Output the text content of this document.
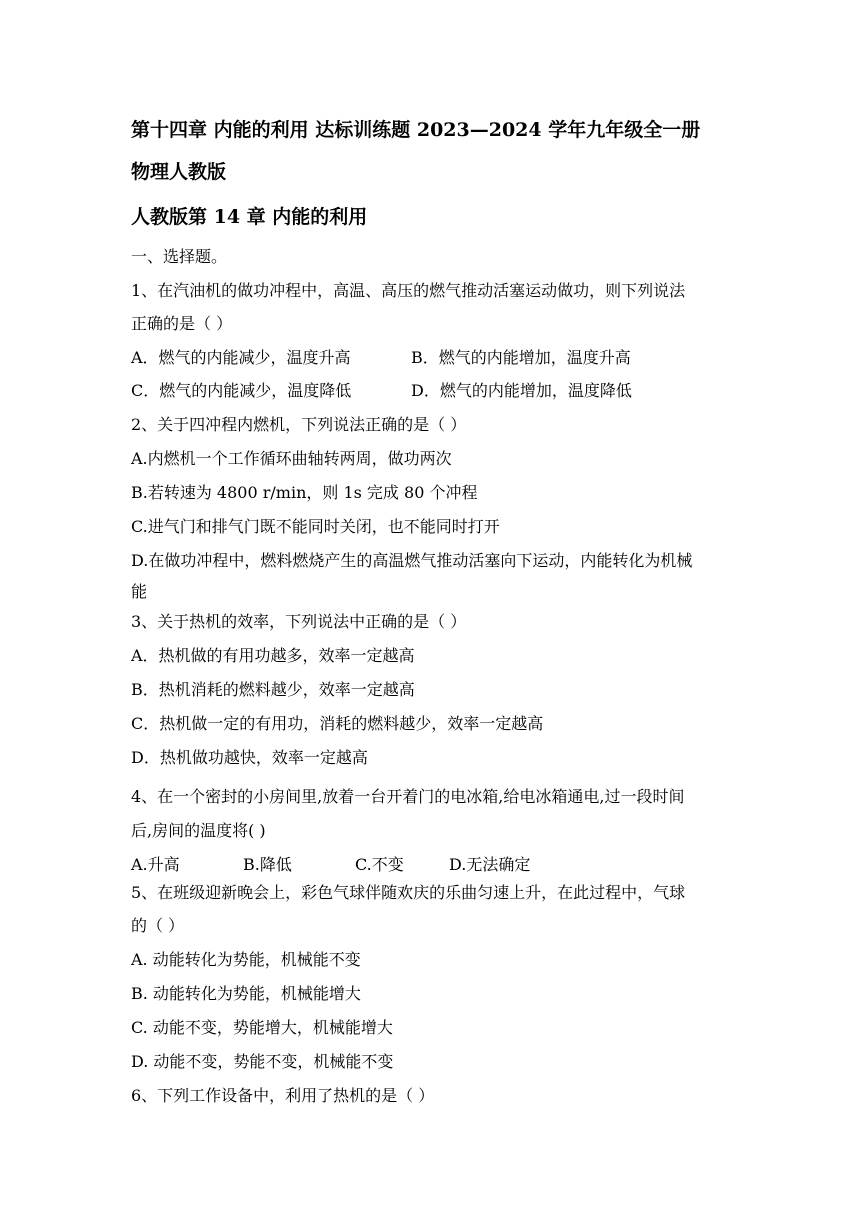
第十四章 内能的利用 达标训练题 2023—2024 学年九年级全一册
物理人教版
人教版第 14 章 内能的利用
一、选择题。
1、在汽油机的做功冲程中，高温、高压的燃气推动活塞运动做功，则下列说法
正确的是（ ）
A．燃气的内能减少，温度升高	B．燃气的内能增加，温度升高
C．燃气的内能减少，温度降低	D．燃气的内能增加，温度降低
2、关于四冲程内燃机，下列说法正确的是（ ）
A.内燃机一个工作循环曲轴转两周，做功两次
B.若转速为 4800 r/min，则 1s 完成 80 个冲程
C.进气门和排气门既不能同时关闭，也不能同时打开
D.在做功冲程中，燃料燃烧产生的高温燃气推动活塞向下运动，内能转化为机械
能
3、关于热机的效率，下列说法中正确的是（ ）
A．热机做的有用功越多，效率一定越高
B．热机消耗的燃料越少，效率一定越高
C．热机做一定的有用功，消耗的燃料越少，效率一定越高
D．热机做功越快，效率一定越高
4、在一个密封的小房间里,放着一台开着门的电冰箱,给电冰箱通电,过一段时间
后,房间的温度将( )
A.升高	B.降低	C.不变	D.无法确定
5、在班级迎新晚会上，彩色气球伴随欢庆的乐曲匀速上升，在此过程中，气球
的（ ）
A. 动能转化为势能，机械能不变
B. 动能转化为势能，机械能增大
C. 动能不变，势能增大，机械能增大
D. 动能不变，势能不变，机械能不变
6、下列工作设备中，利用了热机的是（ ）
